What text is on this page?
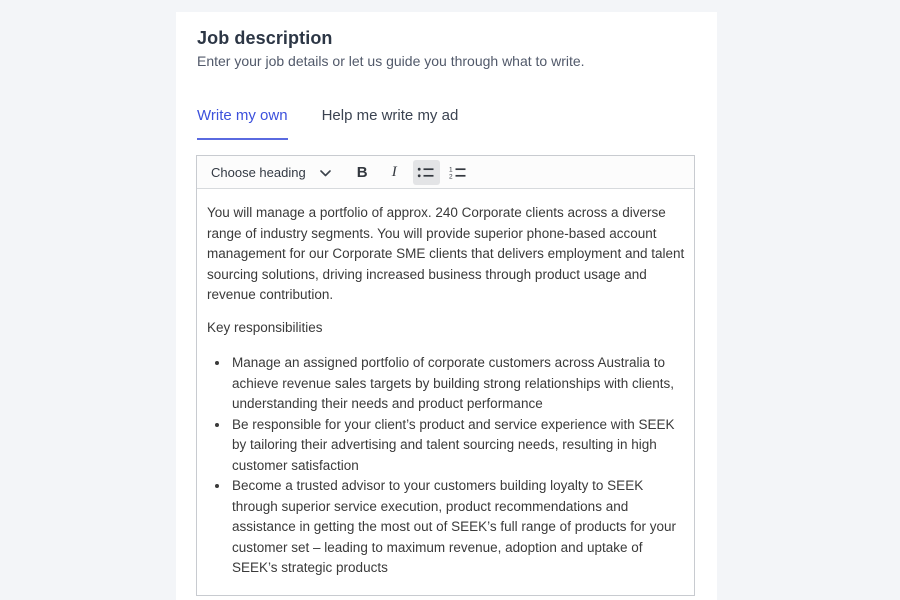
Job description
Enter your job details or let us guide you through what to write.
Write my own Help me write my ad
Choose heading	B I	1
2

You will manage a portfolio of approx. 240 Corporate clients across a diverse range of industry segments. You will provide superior phone-based account management for our Corporate SME clients that delivers employment and talent sourcing solutions, driving increased business through product usage and revenue contribution.

Key responsibilities

• Manage an assigned portfolio of corporate customers across Australia to achieve revenue sales targets by building strong relationships with clients, understanding their needs and product performance
• Be responsible for your client’s product and service experience with SEEK by tailoring their advertising and talent sourcing needs, resulting in high customer satisfaction
• Become a trusted advisor to your customers building loyalty to SEEK through superior service execution, product recommendations and assistance in getting the most out of SEEK’s full range of products for your customer set – leading to maximum revenue, adoption and uptake of SEEK’s strategic products
